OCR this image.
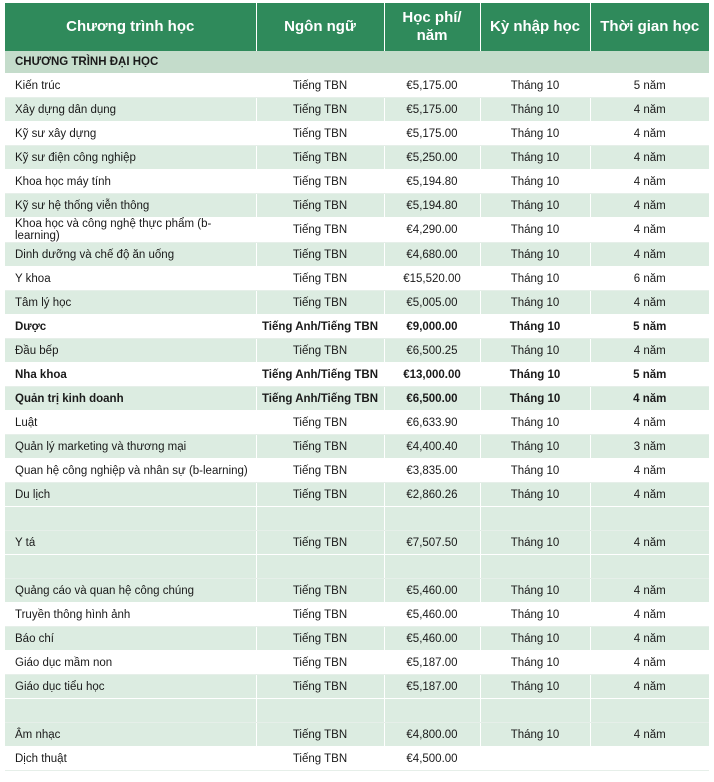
Chương trình học	Ngôn ngữ	Học phí/ năm	Kỳ nhập học	Thời gian học
CHƯƠNG TRÌNH ĐẠI HỌC				
Kiến trúc	Tiếng TBN	€5,175.00	Tháng 10	5 năm
Xây dựng dân dụng	Tiếng TBN	€5,175.00	Tháng 10	4 năm
Kỹ sư xây dựng	Tiếng TBN	€5,175.00	Tháng 10	4 năm
Kỹ sư điện công nghiệp	Tiếng TBN	€5,250.00	Tháng 10	4 năm
Khoa học máy tính	Tiếng TBN	€5,194.80	Tháng 10	4 năm
Kỹ sư hệ thống viễn thông	Tiếng TBN	€5,194.80	Tháng 10	4 năm
Khoa học và công nghệ thực phẩm (b-learning)	Tiếng TBN	€4,290.00	Tháng 10	4 năm
Dinh dưỡng và chế độ ăn uống	Tiếng TBN	€4,680.00	Tháng 10	4 năm
Y khoa	Tiếng TBN	€15,520.00	Tháng 10	6 năm
Tâm lý học	Tiếng TBN	€5,005.00	Tháng 10	4 năm
Dược	Tiếng Anh/Tiếng TBN	€9,000.00	Tháng 10	5 năm
Đầu bếp	Tiếng TBN	€6,500.25	Tháng 10	4 năm
Nha khoa	Tiếng Anh/Tiếng TBN	€13,000.00	Tháng 10	5 năm
Quản trị kinh doanh	Tiếng Anh/Tiếng TBN	€6,500.00	Tháng 10	4 năm
Luật	Tiếng TBN	€6,633.90	Tháng 10	4 năm
Quản lý marketing và thương mại	Tiếng TBN	€4,400.40	Tháng 10	3 năm
Quan hệ công nghiệp và nhân sự (b-learning)	Tiếng TBN	€3,835.00	Tháng 10	4 năm
Du lịch	Tiếng TBN	€2,860.26	Tháng 10	4 năm

Y tá	Tiếng TBN	€7,507.50	Tháng 10	4 năm

Quảng cáo và quan hệ công chúng	Tiếng TBN	€5,460.00	Tháng 10	4 năm
Truyền thông hình ảnh	Tiếng TBN	€5,460.00	Tháng 10	4 năm
Báo chí	Tiếng TBN	€5,460.00	Tháng 10	4 năm
Giáo dục mầm non	Tiếng TBN	€5,187.00	Tháng 10	4 năm
Giáo dục tiểu học	Tiếng TBN	€5,187.00	Tháng 10	4 năm

Âm nhạc	Tiếng TBN	€4,800.00	Tháng 10	4 năm
Dịch thuật	Tiếng TBN	€4,500.00		
